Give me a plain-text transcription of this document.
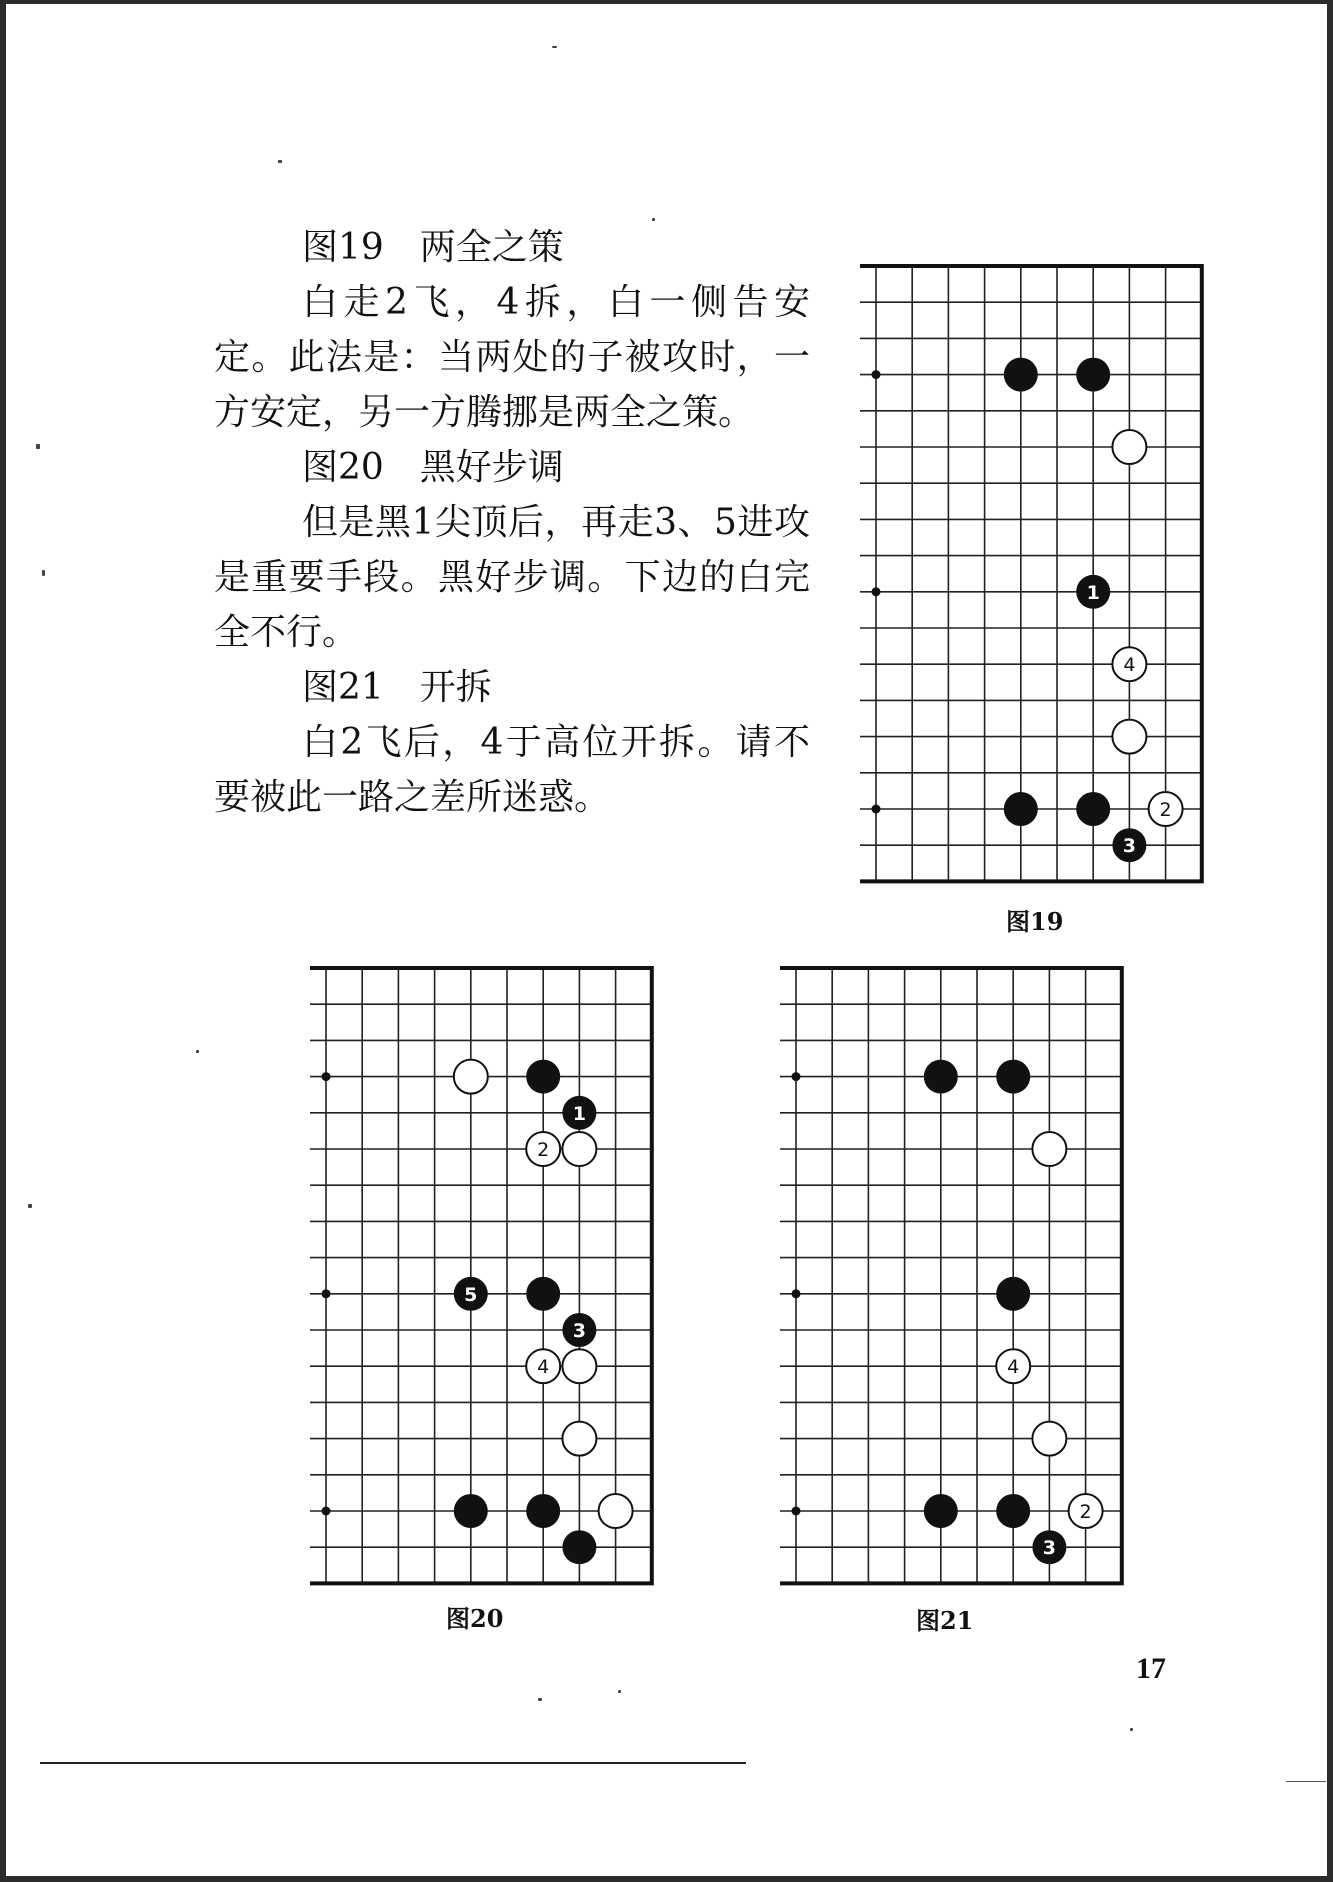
图19　两全之策
白走2飞，4拆，白一侧告安定。此法是：当两处的子被攻时，一方安定，另一方腾挪是两全之策。
图20　黑好步调
但是黑1尖顶后，再走3、5进攻是重要手段。黑好步调。下边的白完全不行。
图21　开拆
白2飞后，4于高位开拆。请不要被此一路之差所迷惑。
1
4
2
3
图19
1
2
5
3
4
图20
4
2
3
图21
17
